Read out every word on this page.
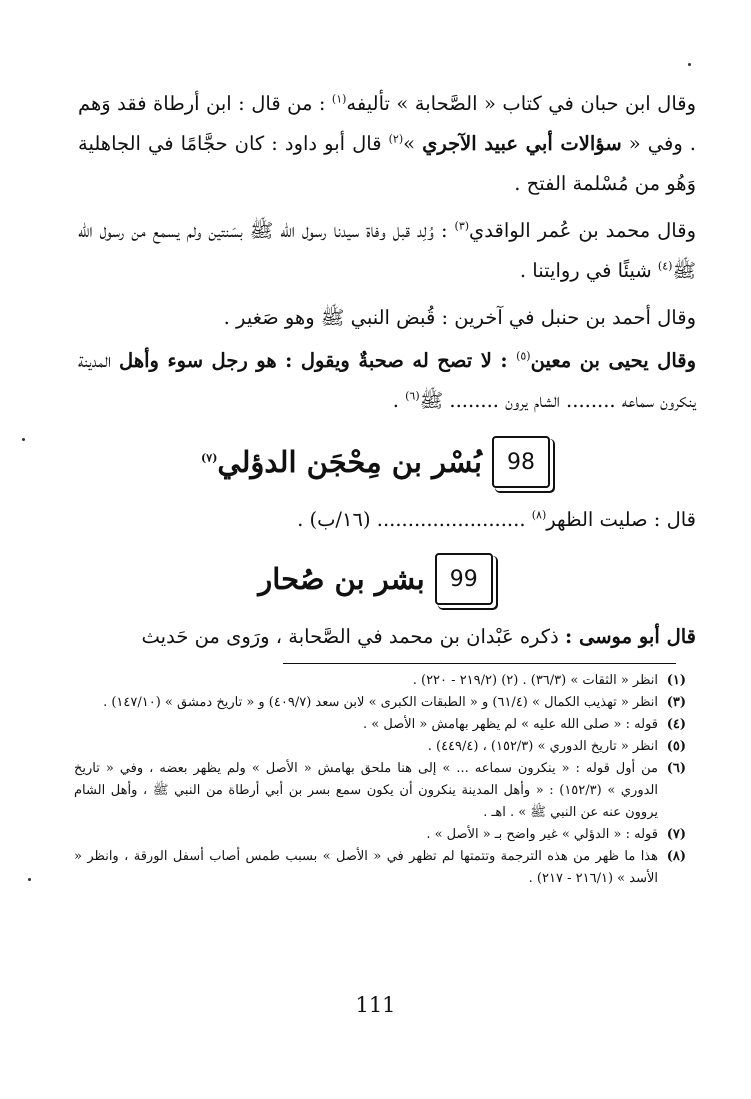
وقال ابن حبان في كتاب « الصَّحابة » تأليفه$^{(١)}$ : من قال : ابن أرطاة فقد وَهم . وفي « سؤالات أبي عبيد الآجري »$^{(٢)}$ قال أبو داود : كان حجَّامًا في الجاهلية وَهُو من مُسْلمة الفتح .

وقال محمد بن عُمر الواقدي$^{(٣)}$ : وُلِد قبل وفاة سيدنا رسول الله ﷺ بسَنتين ولم يسمع من رسول الله ﷺ$^{(٤)}$ شيئًا في روايتنا .

وقال أحمد بن حنبل في آخرين : قُبض النبي ﷺ وهو صَغير .

وقال يحيى بن معين$^{(٥)}$ : لا تصح له صحبةٌ ويقول : هو رجل سوء وأهل المدينة ينكرون سماعه ........ الشام يرون ........ ﷺ$^{(٦)}$ .

98
بُسْر بن مِحْجَن الدؤلي$^{(٧)}$

قال : صليت الظهر$^{(٨)}$ ........................ (١٦/ب) .

99
بشر بن صُحار

قال أبو موسى : ذكره عَبْدان بن محمد في الصَّحابة ، ورَوى من حَديث

(١)
انظر « الثقات » (٣٦/٣) . (٢) (٢١٩/٢ - ٢٢٠) .
(٣)
انظر « تهذيب الكمال » (٦١/٤) و « الطبقات الكبرى » لابن سعد (٤٠٩/٧) و « تاريخ دمشق » (١٤٧/١٠) .
(٤)
قوله : « صلى الله عليه » لم يظهر بهامش « الأصل » .
(٥)
انظر « تاريخ الدوري » (١٥٢/٣) ، (٤٤٩/٤) .
(٦)
من أول قوله : « ينكرون سماعه ... » إلى هنا ملحق بهامش « الأصل » ولم يظهر بعضه ، وفي « تاريخ الدوري » (١٥٢/٣) : « وأهل المدينة ينكرون أن يكون سمع بسر بن أبي أرطاة من النبي ﷺ ، وأهل الشام يروون عنه عن النبي ﷺ » . اهـ .
(٧)
قوله : « الدؤلي » غير واضح بـ « الأصل » .
(٨)
هذا ما ظهر من هذه الترجمة وتتمتها لم تظهر في « الأصل » بسبب طمس أصاب أسفل الورقة ، وانظر « الأسد » (٢١٦/١ - ٢١٧) .
111
